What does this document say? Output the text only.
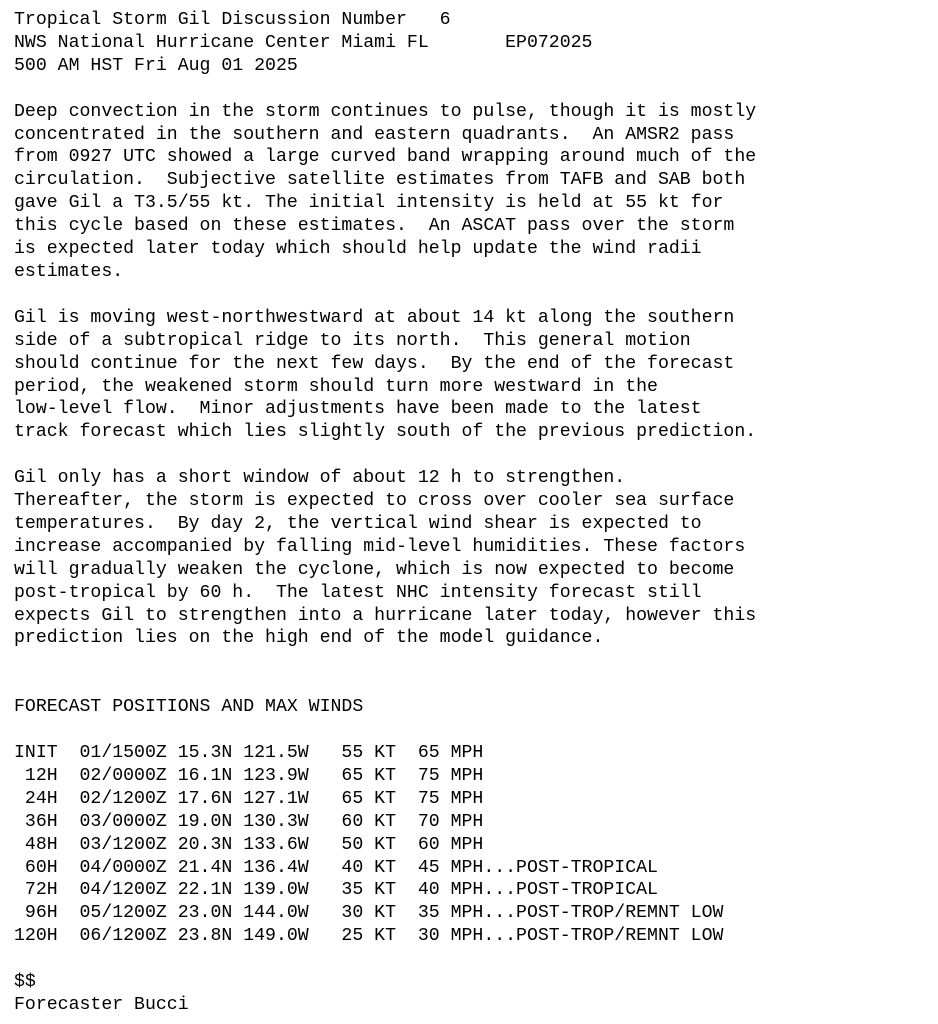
Tropical Storm Gil Discussion Number   6
NWS National Hurricane Center Miami FL       EP072025
500 AM HST Fri Aug 01 2025

Deep convection in the storm continues to pulse, though it is mostly
concentrated in the southern and eastern quadrants.  An AMSR2 pass
from 0927 UTC showed a large curved band wrapping around much of the
circulation.  Subjective satellite estimates from TAFB and SAB both
gave Gil a T3.5/55 kt. The initial intensity is held at 55 kt for
this cycle based on these estimates.  An ASCAT pass over the storm
is expected later today which should help update the wind radii
estimates.

Gil is moving west-northwestward at about 14 kt along the southern
side of a subtropical ridge to its north.  This general motion
should continue for the next few days.  By the end of the forecast
period, the weakened storm should turn more westward in the
low-level flow.  Minor adjustments have been made to the latest
track forecast which lies slightly south of the previous prediction.

Gil only has a short window of about 12 h to strengthen.
Thereafter, the storm is expected to cross over cooler sea surface
temperatures.  By day 2, the vertical wind shear is expected to
increase accompanied by falling mid-level humidities. These factors
will gradually weaken the cyclone, which is now expected to become
post-tropical by 60 h.  The latest NHC intensity forecast still
expects Gil to strengthen into a hurricane later today, however this
prediction lies on the high end of the model guidance.

FORECAST POSITIONS AND MAX WINDS

INIT  01/1500Z 15.3N 121.5W   55 KT  65 MPH
12H  02/0000Z 16.1N 123.9W   65 KT  75 MPH
24H  02/1200Z 17.6N 127.1W   65 KT  75 MPH
36H  03/0000Z 19.0N 130.3W   60 KT  70 MPH
48H  03/1200Z 20.3N 133.6W   50 KT  60 MPH
60H  04/0000Z 21.4N 136.4W   40 KT  45 MPH...POST-TROPICAL
72H  04/1200Z 22.1N 139.0W   35 KT  40 MPH...POST-TROPICAL
96H  05/1200Z 23.0N 144.0W   30 KT  35 MPH...POST-TROP/REMNT LOW
120H  06/1200Z 23.8N 149.0W   25 KT  30 MPH...POST-TROP/REMNT LOW

$$
Forecaster Bucci
